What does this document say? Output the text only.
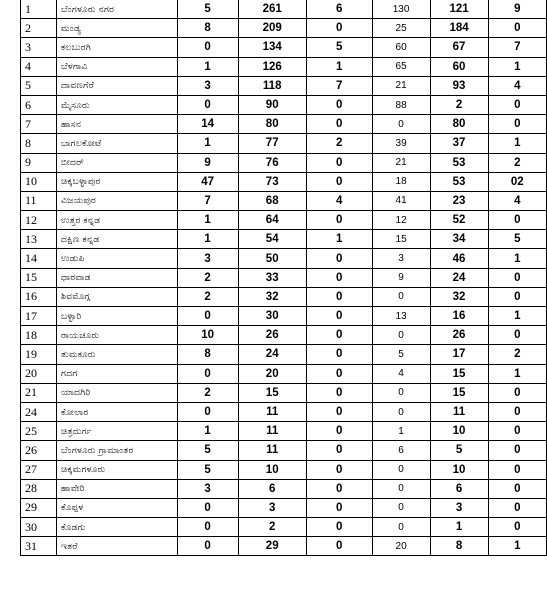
1	ಬೆಂಗಳೂರು ನಗರ	5	261	6	130	121	9
2	ಮಂಡ್ಯ	8	209	0	25	184	0
3	ಕಲಬುರಗಿ	0	134	5	60	67	7
4	ಬೆಳಗಾವಿ	1	126	1	65	60	1
5	ದಾವಣಗೆರೆ	3	118	7	21	93	4
6	ಮೈಸೂರು	0	90	0	88	2	0
7	ಹಾಸನ	14	80	0	0	80	0
8	ಬಾಗಲಕೋಟೆ	1	77	2	39	37	1
9	ಬೀದರ್	9	76	0	21	53	2
10	ಚಿಕ್ಕಬಳ್ಳಾಪುರ	47	73	0	18	53	02
11	ವಿಜಯಪುರ	7	68	4	41	23	4
12	ಉತ್ತರ ಕನ್ನಡ	1	64	0	12	52	0
13	ದಕ್ಷಿಣ ಕನ್ನಡ	1	54	1	15	34	5
14	ಉಡುಪಿ	3	50	0	3	46	1
15	ಧಾರವಾಡ	2	33	0	9	24	0
16	ಶಿವಮೊಗ್ಗ	2	32	0	0	32	0
17	ಬಳ್ಳಾರಿ	0	30	0	13	16	1
18	ರಾಯಚೂರು	10	26	0	0	26	0
19	ತುಮಕೂರು	8	24	0	5	17	2
20	ಗದಗ	0	20	0	4	15	1
21	ಯಾದಗಿರಿ	2	15	0	0	15	0
24	ಕೋಲಾರ	0	11	0	0	11	0
25	ಚಿತ್ರದುರ್ಗ	1	11	0	1	10	0
26	ಬೆಂಗಳೂರು ಗ್ರಾಮಾಂತರ	5	11	0	6	5	0
27	ಚಿಕ್ಕಮಗಳೂರು	5	10	0	0	10	0
28	ಹಾವೇರಿ	3	6	0	0	6	0
29	ಕೊಪ್ಪಳ	0	3	0	0	3	0
30	ಕೊಡಗು	0	2	0	0	1	0
31	ಇತರೆ	0	29	0	20	8	1
